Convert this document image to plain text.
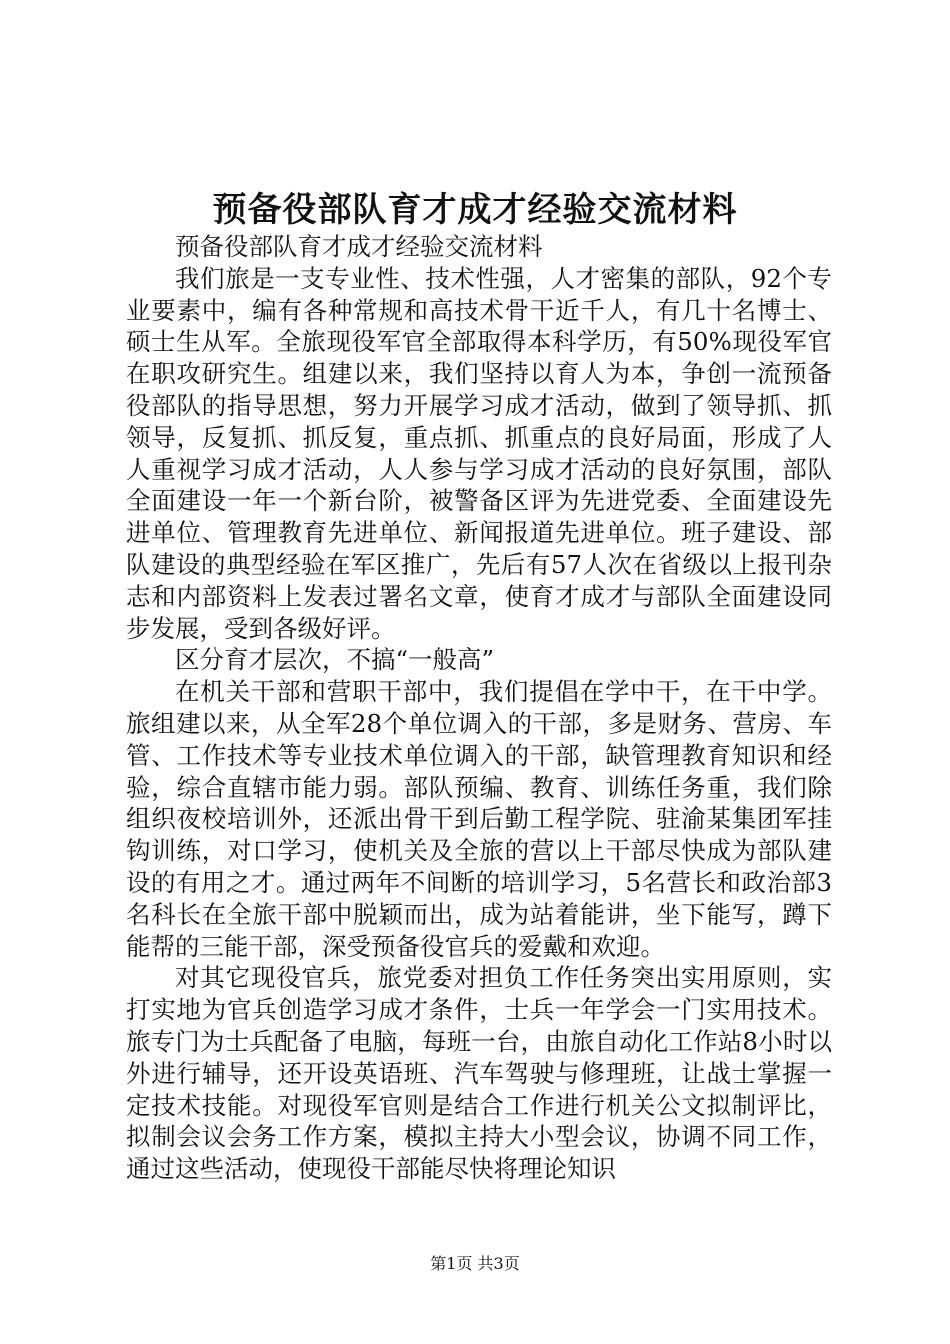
预备役部队育才成才经验交流材料

预备役部队育才成才经验交流材料

我们旅是一支专业性、技术性强，人才密集的部队，92个专业要素中，编有各种常规和高技术骨干近千人，有几十名博士、硕士生从军。全旅现役军官全部取得本科学历，有50%现役军官在职攻研究生。组建以来，我们坚持以育人为本，争创一流预备役部队的指导思想，努力开展学习成才活动，做到了领导抓、抓领导，反复抓、抓反复，重点抓、抓重点的良好局面，形成了人人重视学习成才活动，人人参与学习成才活动的良好氛围，部队全面建设一年一个新台阶，被警备区评为先进党委、全面建设先进单位、管理教育先进单位、新闻报道先进单位。班子建设、部队建设的典型经验在军区推广，先后有57人次在省级以上报刊杂志和内部资料上发表过署名文章，使育才成才与部队全面建设同步发展，受到各级好评。

区分育才层次，不搞“一般高”

在机关干部和营职干部中，我们提倡在学中干，在干中学。旅组建以来，从全军28个单位调入的干部，多是财务、营房、车管、工作技术等专业技术单位调入的干部，缺管理教育知识和经验，综合直辖市能力弱。部队预编、教育、训练任务重，我们除组织夜校培训外，还派出骨干到后勤工程学院、驻渝某集团军挂钩训练，对口学习，使机关及全旅的营以上干部尽快成为部队建设的有用之才。通过两年不间断的培训学习，5名营长和政治部3名科长在全旅干部中脱颖而出，成为站着能讲，坐下能写，蹲下能帮的三能干部，深受预备役官兵的爱戴和欢迎。

对其它现役官兵，旅党委对担负工作任务突出实用原则，实打实地为官兵创造学习成才条件，士兵一年学会一门实用技术。旅专门为士兵配备了电脑，每班一台，由旅自动化工作站8小时以外进行辅导，还开设英语班、汽车驾驶与修理班，让战士掌握一定技术技能。对现役军官则是结合工作进行机关公文拟制评比，拟制会议会务工作方案，模拟主持大小型会议，协调不同工作，通过这些活动，使现役干部能尽快将理论知识

第1页 共3页
